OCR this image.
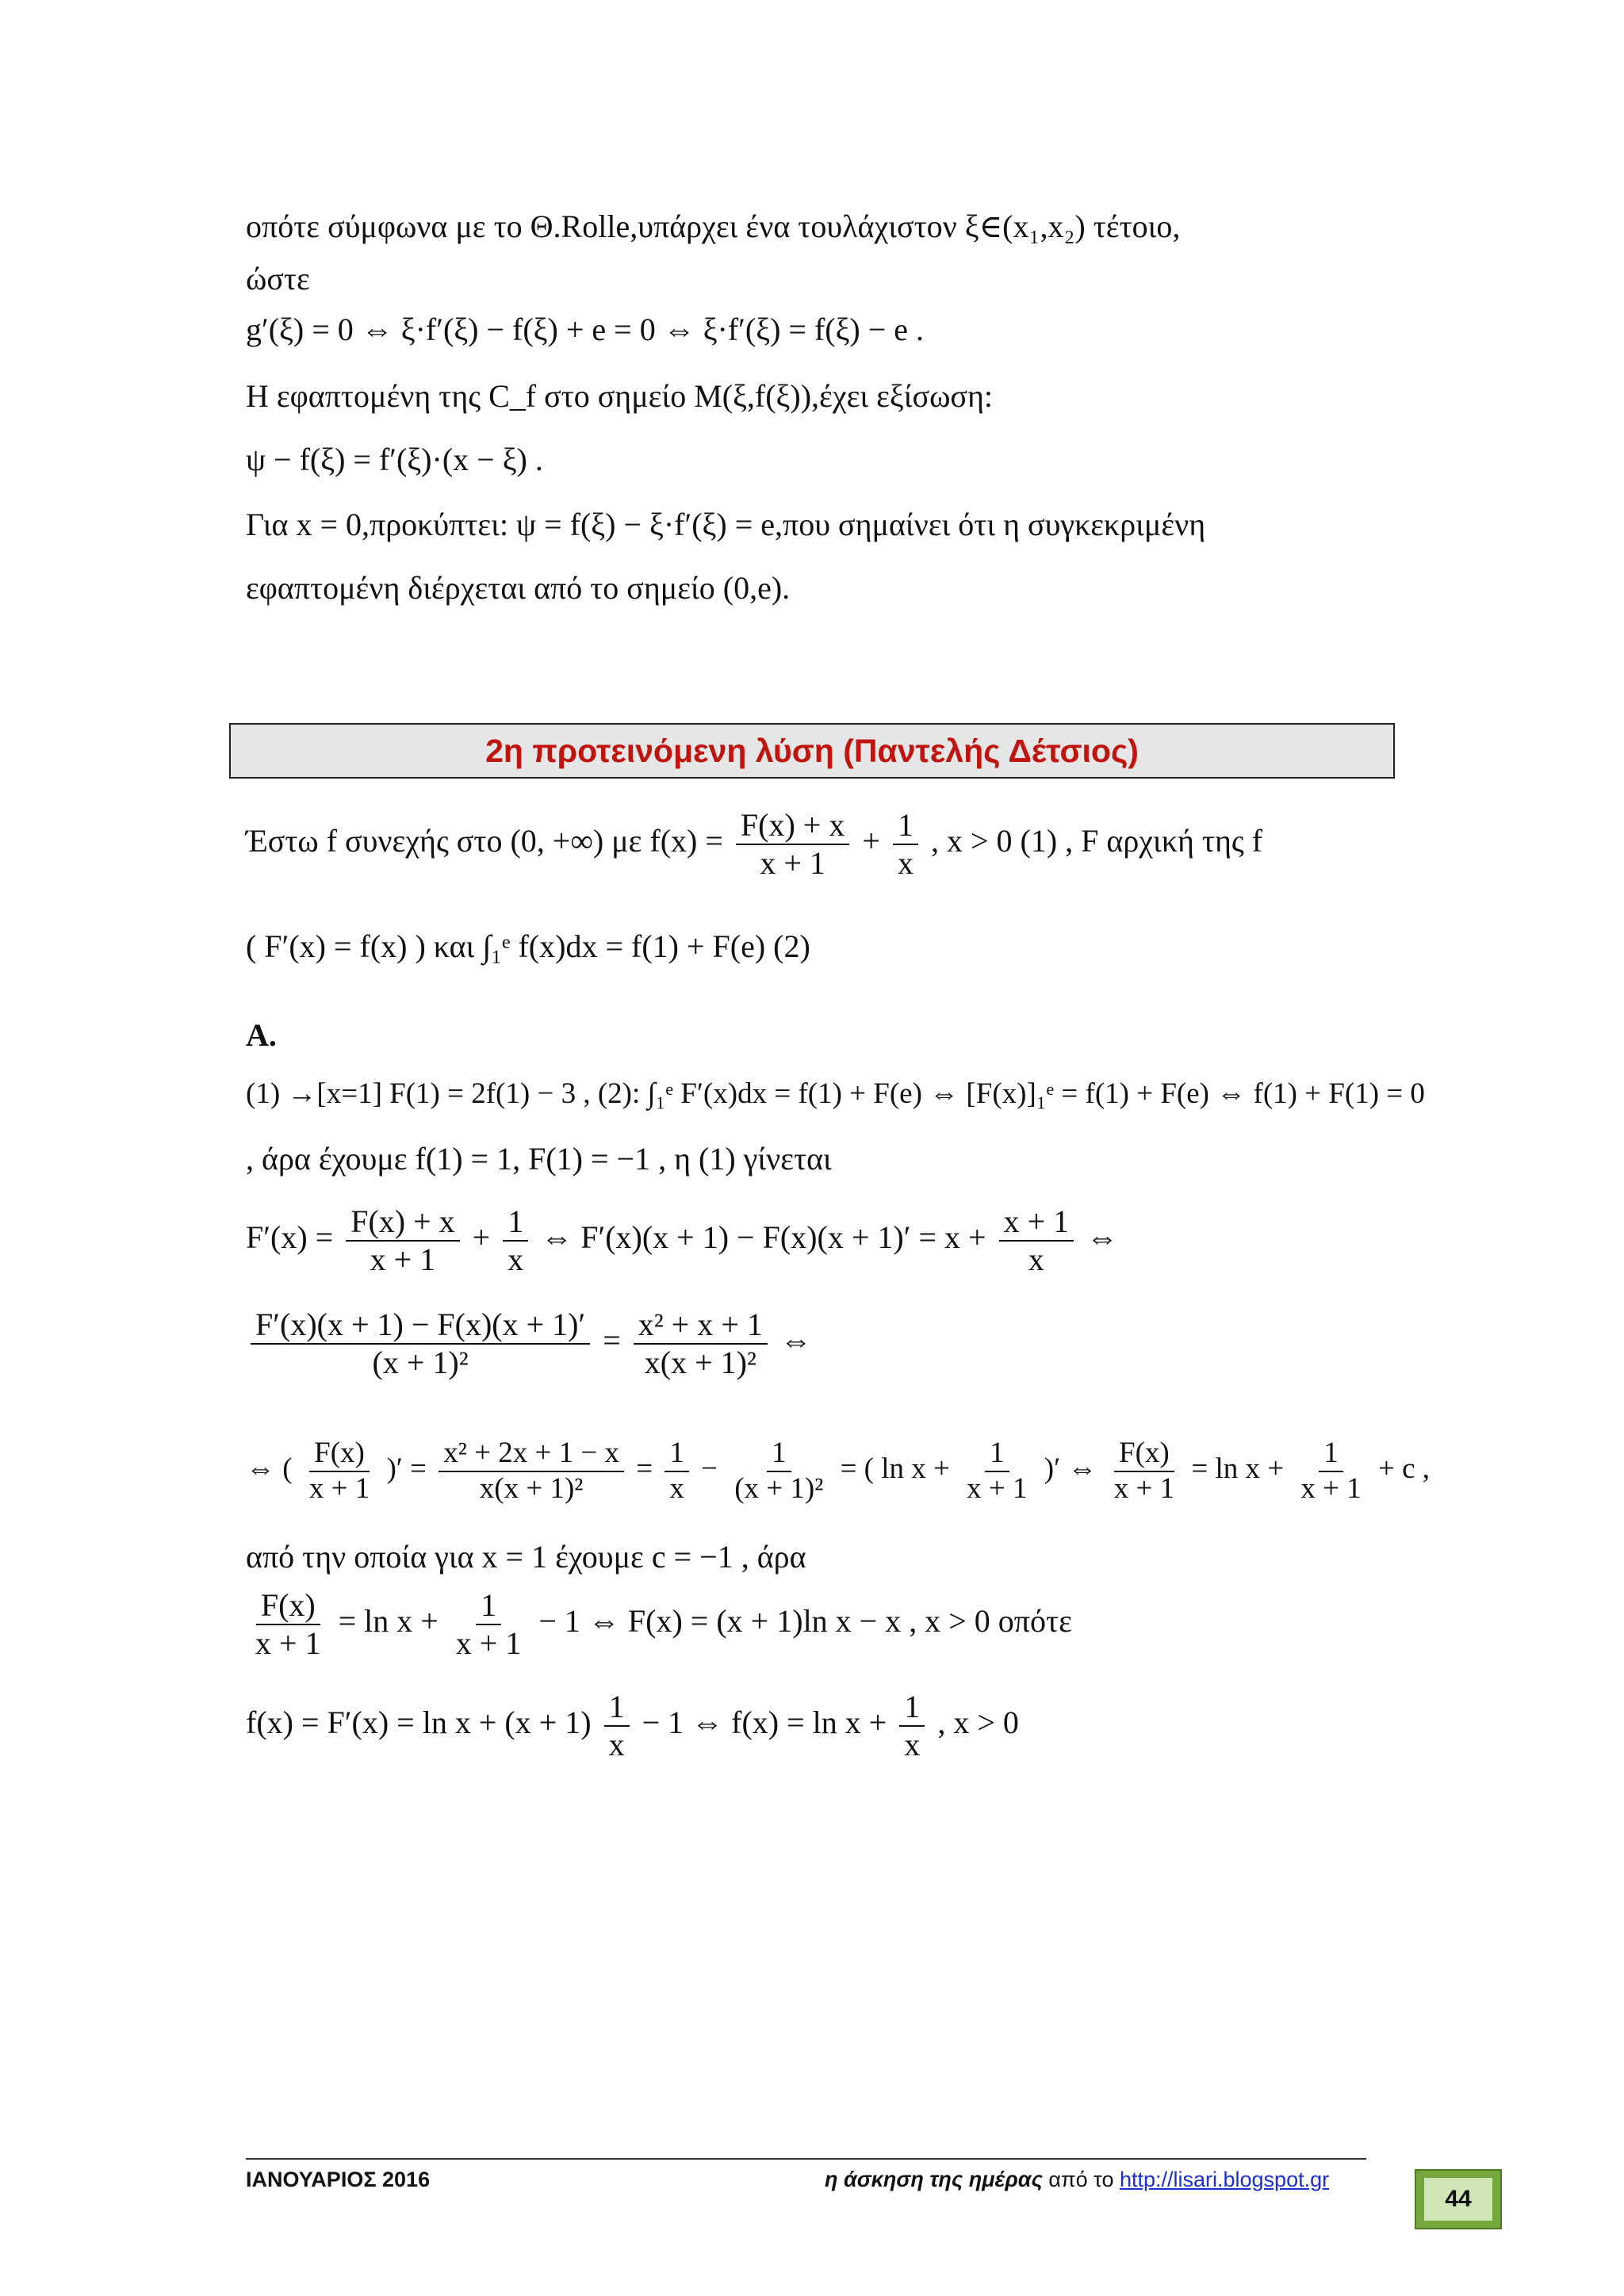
οπότε σύμφωνα με το Θ.Rolle,υπάρχει ένα τουλάχιστον ξ∈(x₁,x₂) τέτοιο,
ώστε
g′(ξ) = 0 ⇔ ξ·f′(ξ) − f(ξ) + e = 0 ⇔ ξ·f′(ξ) = f(ξ) − e .
Η εφαπτομένη της C_f στο σημείο Μ(ξ,f(ξ)),έχει εξίσωση:
ψ − f(ξ) = f′(ξ)·(x − ξ) .
Για x = 0,προκύπτει: ψ = f(ξ) − ξ·f′(ξ) = e,που σημαίνει ότι η συγκεκριμένη
εφαπτομένη διέρχεται από το σημείο (0,e).
2η προτεινόμενη λύση (Παντελής Δέτσιος)
Έστω f συνεχής στο (0, +∞) με $f(x) = \frac{F(x) + x}{x + 1} + \frac{1}{x}$ , x > 0 (1) , F αρχική της f
( F′(x) = f(x) ) και ∫₁ᵉ f(x)dx = f(1) + F(e) (2)
Α.
(1) →[x=1] F(1) = 2f(1) − 3 , (2): ∫₁ᵉ F′(x)dx = f(1) + F(e) ⇔ [F(x)]₁ᵉ = f(1) + F(e) ⇔ f(1) + F(1) = 0
, άρα έχουμε f(1) = 1, F(1) = −1 , η (1) γίνεται
$F'(x) = \frac{F(x) + x}{x + 1} + \frac{1}{x}$ ⇔ $F'(x)(x + 1) - F(x)(x + 1)' = x + \frac{x + 1}{x}$ ⇔
$\frac{F'(x)(x + 1) - F(x)(x + 1)'}{\text{(x + 1)²}} = \frac{\text{x² + x + 1}}{\text{x(x + 1)²}}$ ⇔
⇔ ( $\frac{F(x)}{x + 1}$ )′ = $\frac{\text{x² + 2x + 1 − x}}{\text{x(x + 1)²}} = \frac{1}{x} - \frac{1}{\text{(x + 1)²}}$ = ( $\ln x + \frac{1}{x + 1}$ )′ ⇔ $\frac{F(x)}{x + 1} = \ln x + \frac{1}{x + 1} + c$ ,
από την οποία για x = 1 έχουμε c = −1 , άρα
$\frac{F(x)}{x + 1} = \ln x + \frac{1}{x + 1} - 1$ ⇔ F(x) = (x + 1)ln x − x , x > 0 οπότε
$f(x) = F'(x) = \ln x + (x + 1) \frac{1}{x} - 1$ ⇔ $f(x) = \ln x + \frac{1}{x}$ , x > 0
ΙΑΝΟΥΑΡΙΟΣ 2016	η άσκηση της ημέρας από το http://lisari.blogspot.gr
44
